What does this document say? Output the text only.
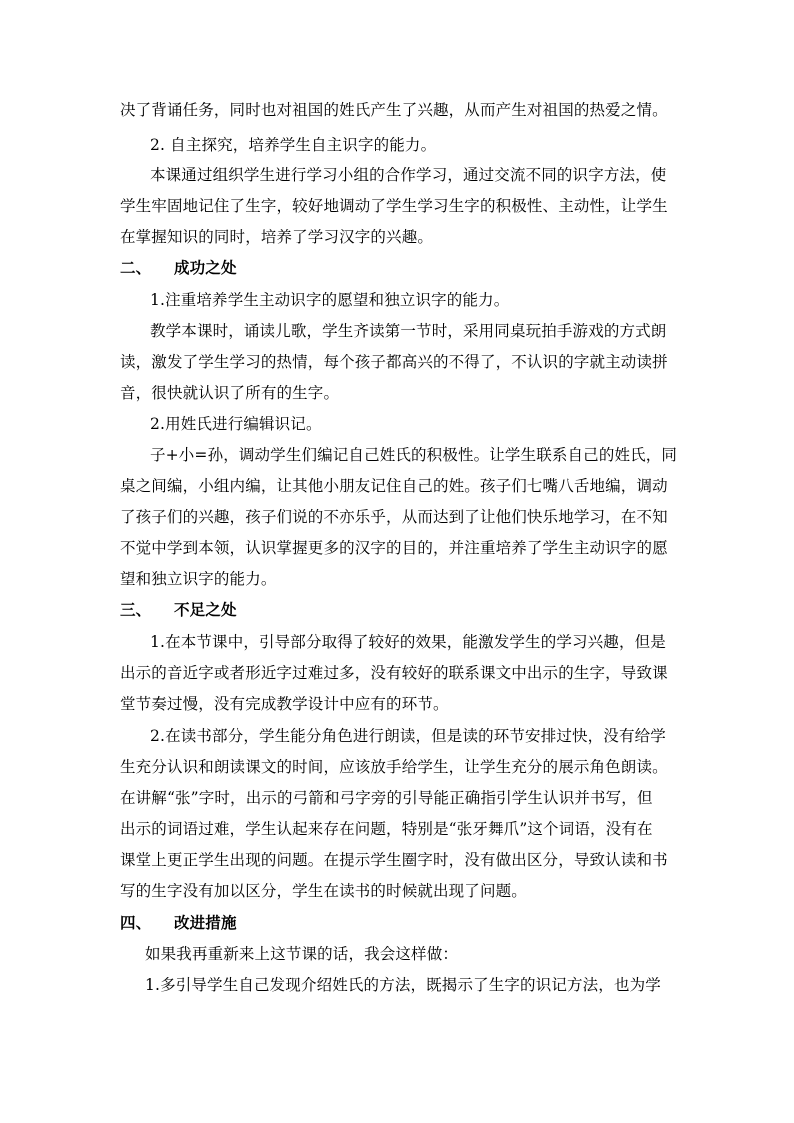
决了背诵任务，同时也对祖国的姓氏产生了兴趣，从而产生对祖国的热爱之情。
2. 自主探究，培养学生自主识字的能力。
本课通过组织学生进行学习小组的合作学习，通过交流不同的识字方法，使
学生牢固地记住了生字，较好地调动了学生学习生字的积极性、主动性，让学生
在掌握知识的同时，培养了学习汉字的兴趣。
二、 成功之处
1.注重培养学生主动识字的愿望和独立识字的能力。
教学本课时，诵读儿歌，学生齐读第一节时，采用同桌玩拍手游戏的方式朗
读，激发了学生学习的热情，每个孩子都高兴的不得了，不认识的字就主动读拼
音，很快就认识了所有的生字。
2.用姓氏进行编辑识记。
子+小=孙，调动学生们编记自己姓氏的积极性。让学生联系自己的姓氏，同
桌之间编，小组内编，让其他小朋友记住自己的姓。孩子们七嘴八舌地编，调动
了孩子们的兴趣，孩子们说的不亦乐乎，从而达到了让他们快乐地学习，在不知
不觉中学到本领，认识掌握更多的汉字的目的，并注重培养了学生主动识字的愿
望和独立识字的能力。
三、 不足之处
1.在本节课中，引导部分取得了较好的效果，能激发学生的学习兴趣，但是
出示的音近字或者形近字过难过多，没有较好的联系课文中出示的生字，导致课
堂节奏过慢，没有完成教学设计中应有的环节。
2.在读书部分，学生能分角色进行朗读，但是读的环节安排过快，没有给学
生充分认识和朗读课文的时间，应该放手给学生，让学生充分的展示角色朗读。
在讲解“张”字时，出示的弓箭和弓字旁的引导能正确指引学生认识并书写，但
出示的词语过难，学生认起来存在问题，特别是“张牙舞爪”这个词语，没有在
课堂上更正学生出现的问题。在提示学生圈字时，没有做出区分，导致认读和书
写的生字没有加以区分，学生在读书的时候就出现了问题。
四、 改进措施
如果我再重新来上这节课的话，我会这样做：
1.多引导学生自己发现介绍姓氏的方法，既揭示了生字的识记方法，也为学
